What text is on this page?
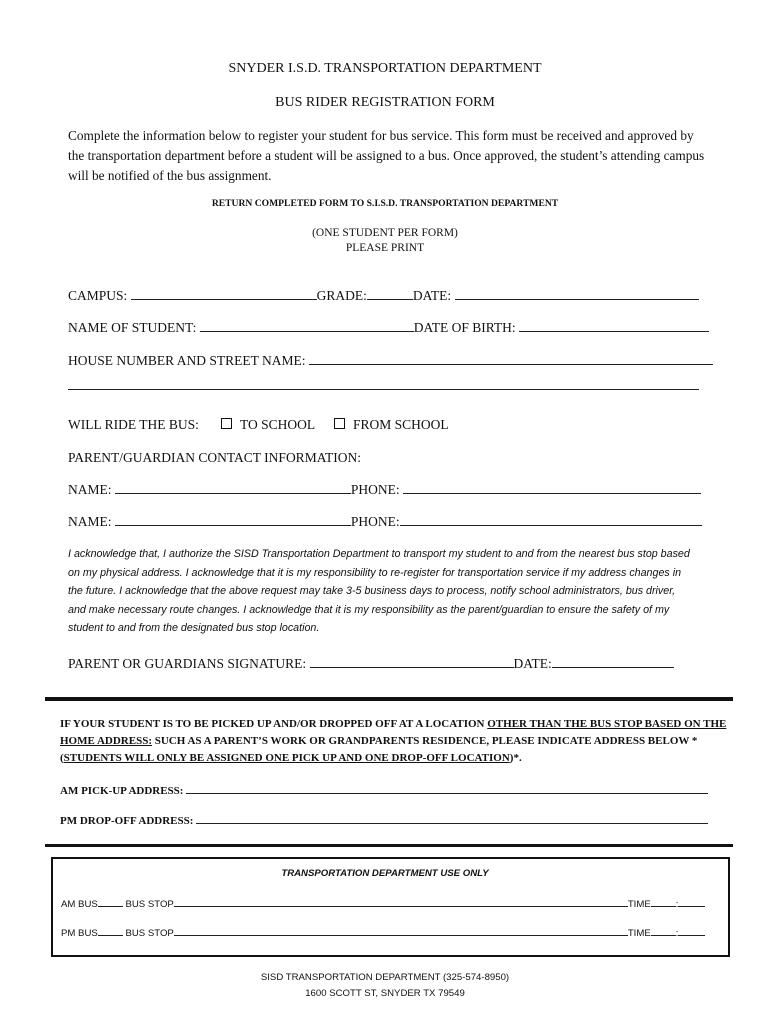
SNYDER I.S.D. TRANSPORTATION DEPARTMENT
BUS RIDER REGISTRATION FORM
Complete the information below to register your student for bus service. This form must be received and approved by the transportation department before a student will be assigned to a bus. Once approved, the student’s attending campus will be notified of the bus assignment.
RETURN COMPLETED FORM TO S.I.S.D. TRANSPORTATION DEPARTMENT
(ONE STUDENT PER FORM)
PLEASE PRINT
CAMPUS:	GRADE:	DATE:
NAME OF STUDENT:	DATE OF BIRTH:
HOUSE NUMBER AND STREET NAME:
WILL RIDE THE BUS:	TO SCHOOL	FROM SCHOOL
PARENT/GUARDIAN CONTACT INFORMATION:
NAME:	PHONE:
NAME:	PHONE:
I acknowledge that, I authorize the SISD Transportation Department to transport my student to and from the nearest bus stop based on my physical address. I acknowledge that it is my responsibility to re-register for transportation service if my address changes in the future. I acknowledge that the above request may take 3-5 business days to process, notify school administrators, bus driver, and make necessary route changes. I acknowledge that it is my responsibility as the parent/guardian to ensure the safety of my student to and from the designated bus stop location.
PARENT OR GUARDIANS SIGNATURE:	DATE:
IF YOUR STUDENT IS TO BE PICKED UP AND/OR DROPPED OFF AT A LOCATION OTHER THAN THE BUS STOP BASED ON THE HOME ADDRESS: SUCH AS A PARENT’S WORK OR GRANDPARENTS RESIDENCE, PLEASE INDICATE ADDRESS BELOW *(STUDENTS WILL ONLY BE ASSIGNED ONE PICK UP AND ONE DROP-OFF LOCATION)*.
AM PICK-UP ADDRESS:
PM DROP-OFF ADDRESS:
TRANSPORTATION DEPARTMENT USE ONLY
AM BUS	BUS STOP	TIME	:
PM BUS	BUS STOP	TIME	:
SISD TRANSPORTATION DEPARTMENT (325-574-8950)
1600 SCOTT ST, SNYDER TX 79549
